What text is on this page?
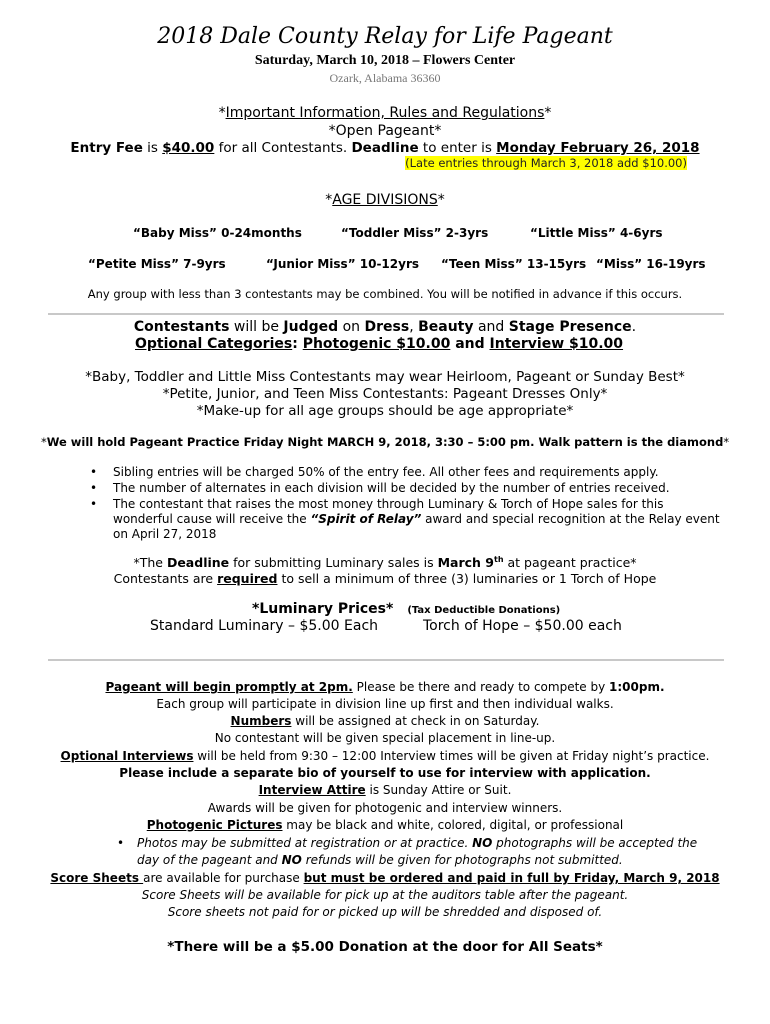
2018 Dale County Relay for Life Pageant
Saturday, March 10, 2018 – Flowers Center
Ozark, Alabama 36360
*Important Information, Rules and Regulations*
*Open Pageant*
Entry Fee is $40.00 for all Contestants. Deadline to enter is Monday February 26, 2018
(Late entries through March 3, 2018 add $10.00)
*AGE DIVISIONS*
“Baby Miss” 0-24months	“Toddler Miss” 2-3yrs	“Little Miss” 4-6yrs
“Petite Miss” 7-9yrs	“Junior Miss” 10-12yrs “Teen Miss” 13-15yrs “Miss” 16-19yrs
Any group with less than 3 contestants may be combined. You will be notified in advance if this occurs.
Contestants will be Judged on Dress, Beauty and Stage Presence.
Optional Categories: Photogenic $10.00 and Interview $10.00
*Baby, Toddler and Little Miss Contestants may wear Heirloom, Pageant or Sunday Best*
*Petite, Junior, and Teen Miss Contestants: Pageant Dresses Only*
*Make-up for all age groups should be age appropriate*
*We will hold Pageant Practice Friday Night MARCH 9, 2018, 3:30 – 5:00 pm. Walk pattern is the diamond*
• Sibling entries will be charged 50% of the entry fee. All other fees and requirements apply.
• The number of alternates in each division will be decided by the number of entries received.
• The contestant that raises the most money through Luminary & Torch of Hope sales for this
wonderful cause will receive the “Spirit of Relay” award and special recognition at the Relay event
on April 27, 2018
*The Deadline for submitting Luminary sales is March 9th at pageant practice*
Contestants are required to sell a minimum of three (3) luminaries or 1 Torch of Hope
*Luminary Prices* (Tax Deductible Donations)
Standard Luminary – $5.00 Each	Torch of Hope – $50.00 each
Pageant will begin promptly at 2pm. Please be there and ready to compete by 1:00pm.
Each group will participate in division line up first and then individual walks.
Numbers will be assigned at check in on Saturday.
No contestant will be given special placement in line-up.
Optional Interviews will be held from 9:30 – 12:00 Interview times will be given at Friday night’s practice.
Please include a separate bio of yourself to use for interview with application.
Interview Attire is Sunday Attire or Suit.
Awards will be given for photogenic and interview winners.
Photogenic Pictures may be black and white, colored, digital, or professional
• Photos may be submitted at registration or at practice. NO photographs will be accepted the
day of the pageant and NO refunds will be given for photographs not submitted.
Score Sheets are available for purchase but must be ordered and paid in full by Friday, March 9, 2018
Score Sheets will be available for pick up at the auditors table after the pageant.
Score sheets not paid for or picked up will be shredded and disposed of.
*There will be a $5.00 Donation at the door for All Seats*
